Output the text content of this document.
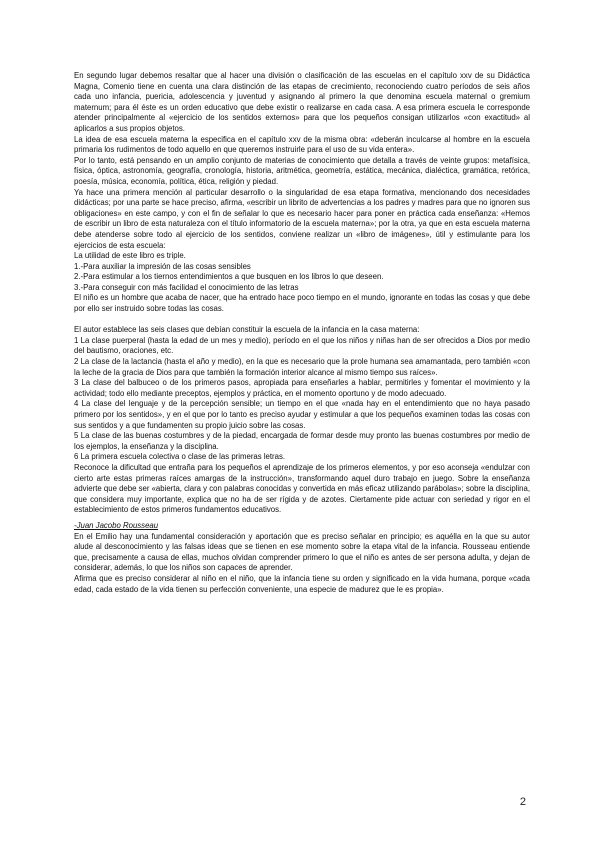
En segundo lugar debemos resaltar que al hacer una división o clasificación de las escuelas en el capítulo xxv de su Didáctica Magna, Comenio tiene en cuenta una clara distinción de las etapas de crecimiento, reconociendo cuatro períodos de seis años cada uno infancia, puericia, adolescencia y juventud y asignando al primero la que denomina escuela maternal o gremium maternum; para él éste es un orden educativo que debe existir o realizarse en cada casa. A esa primera escuela le corresponde atender principalmente al «ejercicio de los sentidos externos» para que los pequeños consigan utilizarlos «con exactitud» al aplicarlos a sus propios objetos.

La idea de esa escuela materna la especifica en el capítulo xxv de la misma obra: «deberán inculcarse al hombre en la escuela primaria los rudimentos de todo aquello en que queremos instruirle para el uso de su vida entera».

Por lo tanto, está pensando en un amplio conjunto de materias de conocimiento que detalla a través de veinte grupos: metafísica, física, óptica, astronomía, geografía, cronología, historia, aritmética, geometría, estática, mecánica, dialéctica, gramática, retórica, poesía, música, economía, política, ética, religión y piedad.

Ya hace una primera mención al particular desarrollo o la singularidad de esa etapa formativa, mencionando dos necesidades didácticas; por una parte se hace preciso, afirma, «escribir un librito de advertencias a los padres y madres para que no ignoren sus obligaciones» en este campo, y con el fin de señalar lo que es necesario hacer para poner en práctica cada enseñanza: «Hemos de escribir un libro de esta naturaleza con el título informatorio de la escuela materna»; por la otra, ya que en esta escuela materna debe atenderse sobre todo al ejercicio de los sentidos, conviene realizar un «libro de imágenes», útil y estimulante para los ejercicios de esta escuela:

La utilidad de este libro es triple.

1.-Para auxiliar la impresión de las cosas sensibles

2.-Para estimular a los tiernos entendimientos a que busquen en los libros lo que deseen.

3.-Para conseguir con más facilidad el conocimiento de las letras

El niño es un hombre que acaba de nacer, que ha entrado hace poco tiempo en el mundo, ignorante en todas las cosas y que debe por ello ser instruido sobre todas las cosas.

El autor establece las seis clases que debían constituir la escuela de la infancia en la casa materna:

1 La clase puerperal (hasta la edad de un mes y medio), período en el que los niños y niñas han de ser ofrecidos a Dios por medio del bautismo, oraciones, etc.

2 La clase de la lactancia (hasta el año y medio), en la que es necesario que la prole humana sea amamantada, pero también «con la leche de la gracia de Dios para que también la formación interior alcance al mismo tiempo sus raíces».

3 La clase del balbuceo o de los primeros pasos, apropiada para enseñarles a hablar, permitirles y fomentar el movimiento y la actividad; todo ello mediante preceptos, ejemplos y práctica, en el momento oportuno y de modo adecuado.

4 La clase del lenguaje y de la percepción sensible; un tiempo en el que «nada hay en el entendimiento que no haya pasado primero por los sentidos», y en el que por lo tanto es preciso ayudar y estimular a que los pequeños examinen todas las cosas con sus sentidos y a que fundamenten su propio juicio sobre las cosas.

5 La clase de las buenas costumbres y de la piedad, encargada de formar desde muy pronto las buenas costumbres por medio de los ejemplos, la enseñanza y la disciplina.

6 La primera escuela colectiva o clase de las primeras letras.

Reconoce la dificultad que entraña para los pequeños el aprendizaje de los primeros elementos, y por eso aconseja «endulzar con cierto arte estas primeras raíces amargas de la instrucción», transformando aquel duro trabajo en juego. Sobre la enseñanza advierte que debe ser «abierta, clara y con palabras conocidas y convertida en más eficaz utilizando parábolas»; sobre la disciplina, que considera muy importante, explica que no ha de ser rígida y de azotes. Ciertamente pide actuar con seriedad y rigor en el establecimiento de estos primeros fundamentos educativos.

-Juan Jacobo Rousseau

En el Emilio hay una fundamental consideración y aportación que es preciso señalar en principio; es aquélla en la que su autor alude al desconocimiento y las falsas ideas que se tienen en ese momento sobre la etapa vital de la infancia. Rousseau entiende que, precisamente a causa de ellas, muchos olvidan comprender primero lo que el niño es antes de ser persona adulta, y dejan de considerar, además, lo que los niños son capaces de aprender.

Afirma que es preciso considerar al niño en el niño, que la infancia tiene su orden y significado en la vida humana, porque «cada edad, cada estado de la vida tienen su perfección conveniente, una especie de madurez que le es propia».

2
